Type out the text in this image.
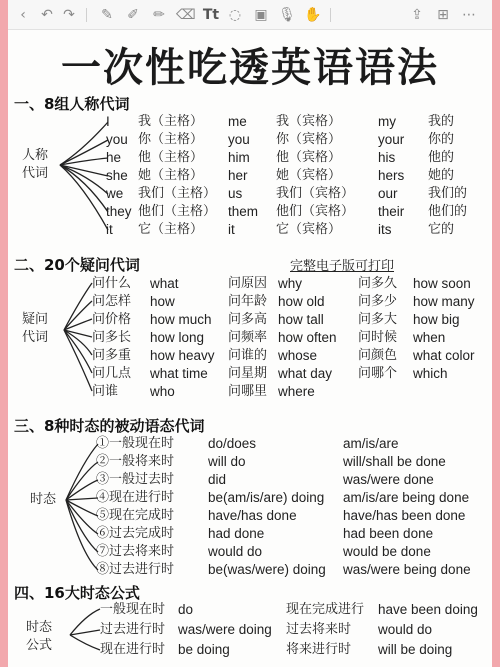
‹	↶ ↷ ✎ ✐ ✏ ⌫ Tt ◌ ▣ 🎙 ✋	⇪ ⊞ ⋯
一次性吃透英语语法
一、8组人称代词
人称
代词
I 我（主格） me 我（宾格）	my 我的
you 你（主格） you 你（宾格）	your 你的
he 他（主格） him 他（宾格）	his	他的
she 她（主格） her 她（宾格）	hers 她的
we 我们（主格） us	我们（宾格） our 我们的
they 他们（主格） them 他们（宾格） their 他们的
it 它（主格） it	它（宾格）	its	它的
二、20个疑问代词	完整电子版可打印
疑问
代词
问什么 what	问原因 why	问多久 how soon
问怎样 how	问年龄 how old	问多少 how many
问价格 how much 问多高 how tall	问多大 how big
问多长 how long 问频率 how often 问时候 when
问多重 how heavy 问谁的 whose	问颜色 what color
问几点 what time 问星期 what day 问哪个 which
问谁 who	问哪里 where
三、8种时态的被动语态代词
时态
①一般现在时	do/does	am/is/are
②一般将来时	will do	will/shall be done
③一般过去时	did	was/were done
④现在进行时	be(am/is/are) doing am/is/are being done
⑤现在完成时	have/has done	have/has been done
⑥过去完成时	had done	had been done
⑦过去将来时	would do	would be done
⑧过去进行时	be(was/were) doing was/were being done
四、16大时态公式
时态
公式
一般现在时 do	现在完成进行 have been doing
过去进行时 was/were doing 过去将来时 would do
现在进行时 be doing	将来进行时 will be doing
